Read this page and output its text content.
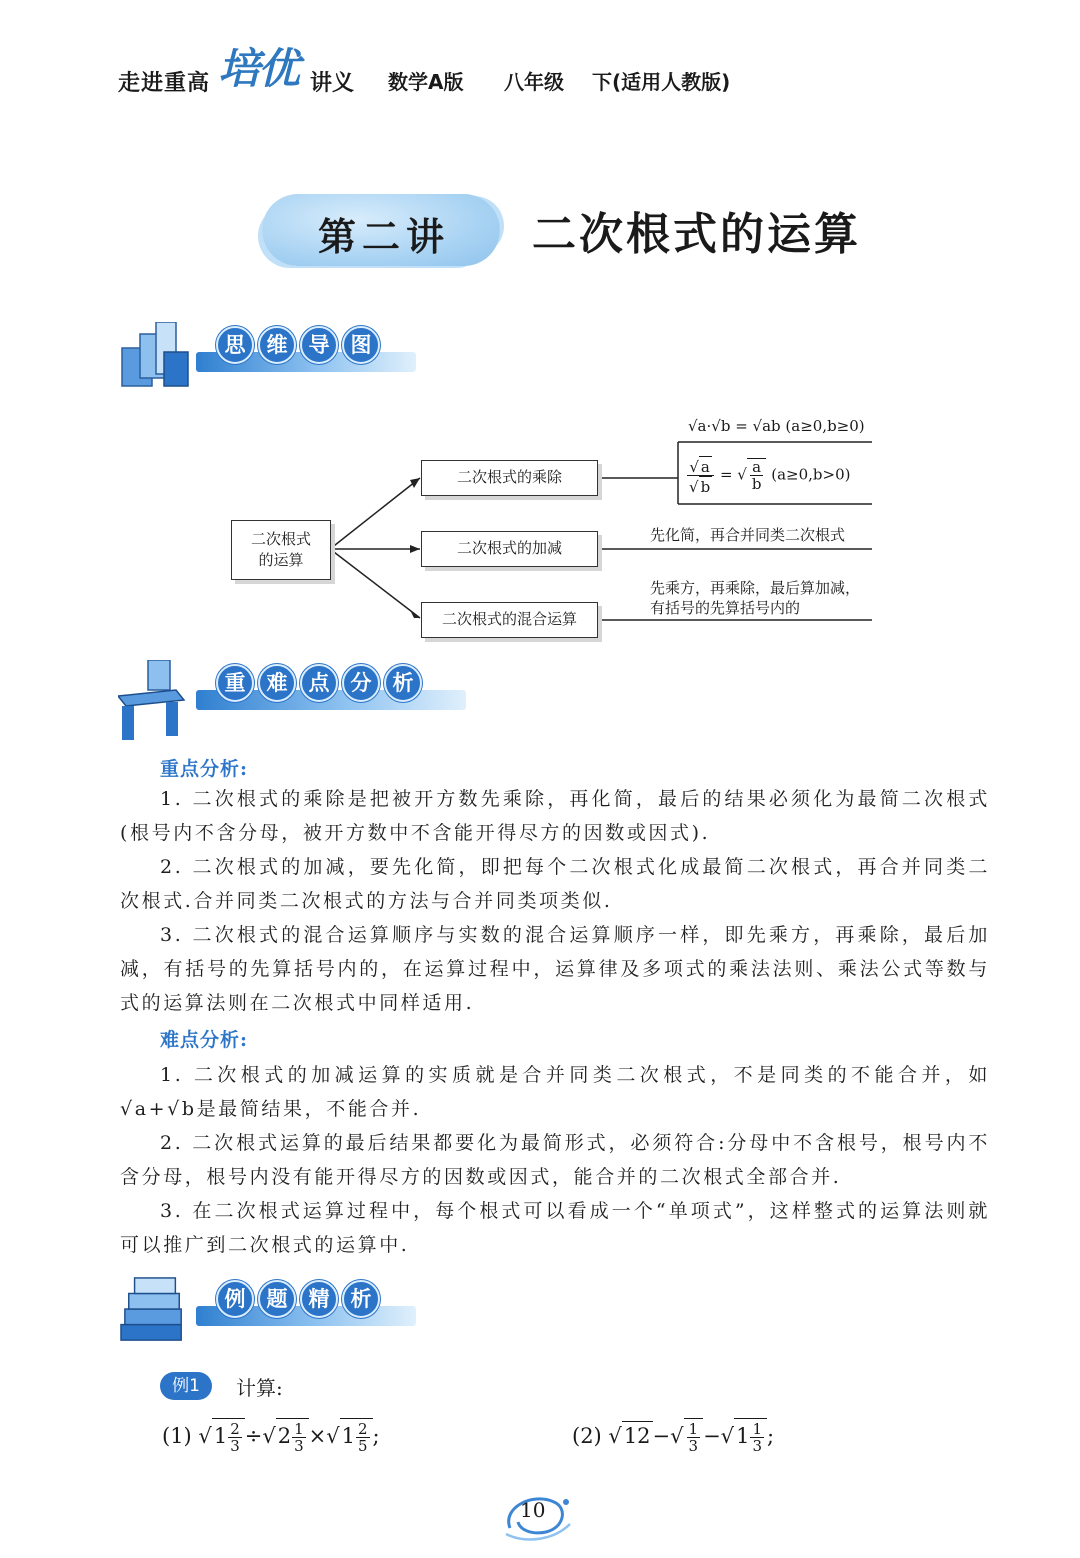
走进重高 培优 讲义 数学A版 八年级 下(适用人教版)
第二讲 二次根式的运算
思	维	导	图
二次根式
的运算
二次根式的乘除
二次根式的加减
二次根式的混合运算
√a·√b = √ab (a≥0,b≥0)
$\frac{√ a}{√ b}$ = √ $\frac{a}{b} (a\ge 0,b>0)$
先化简，再合并同类二次根式
先乘方，再乘除，最后算加减，
有括号的先算括号内的
重	难	点	分	析
重点分析:

1. 二次根式的乘除是把被开方数先乘除，再化简，最后的结果必须化为最简二次根式(根号内不含分母，被开方数中不含能开得尽方的因数或因式).

2. 二次根式的加减，要先化简，即把每个二次根式化成最简二次根式，再合并同类二次根式.合并同类二次根式的方法与合并同类项类似.

3. 二次根式的混合运算顺序与实数的混合运算顺序一样，即先乘方，再乘除，最后加减，有括号的先算括号内的，在运算过程中，运算律及多项式的乘法法则、乘法公式等数与式的运算法则在二次根式中同样适用.

难点分析:

1. 二次根式的加减运算的实质就是合并同类二次根式，不是同类的不能合并，如√a+√b是最简结果，不能合并.

2. 二次根式运算的最后结果都要化为最简形式，必须符合:分母中不含根号，根号内不含分母，根号内没有能开得尽方的因数或因式，能合并的二次根式全部合并.

3. 在二次根式运算过程中，每个根式可以看成一个“单项式”，这样整式的运算法则就可以推广到二次根式的运算中.

例	题	精	析
例1	计算:
(1) $√1 \frac{2}{3} \div√2 \frac{1}{3} \times√1 \frac{2}{5}$ ;	(2) $√12-√ \frac{1}{3} -√1 \frac{1}{3}$ ;
10
